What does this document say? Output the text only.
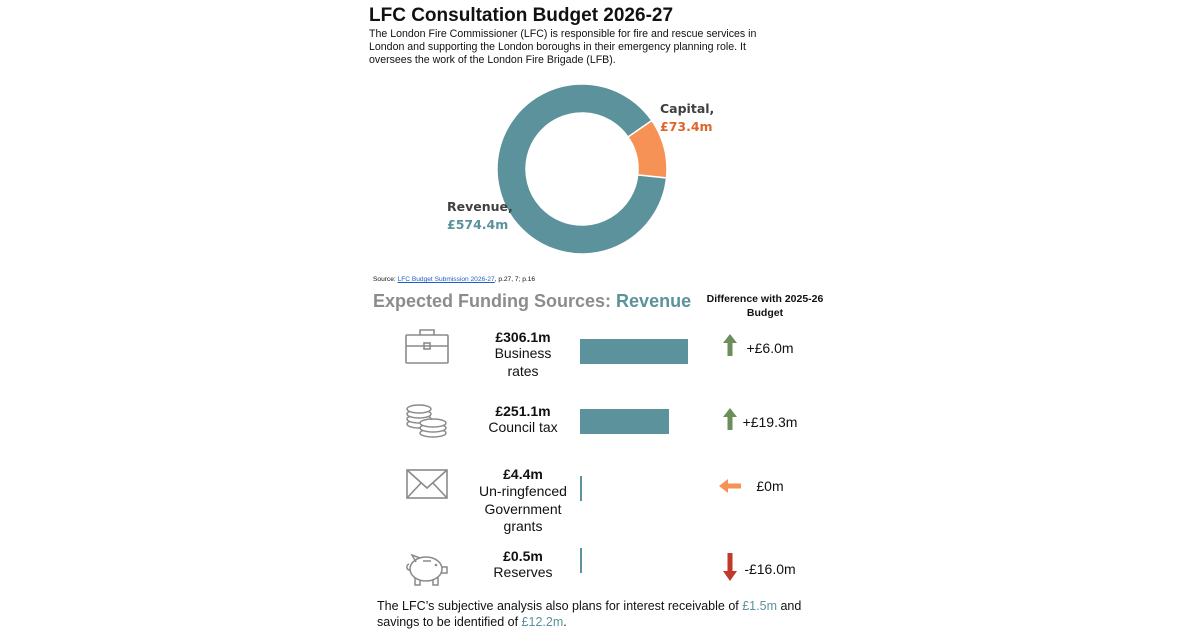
LFC Consultation Budget 2026-27
The London Fire Commissioner (LFC) is responsible for fire and rescue services in London and supporting the London boroughs in their emergency planning role. It oversees the work of the London Fire Brigade (LFB).
Capital,
£73.4m
Revenue,
£574.4m
Source: LFC Budget Submission 2026-27, p.27, 7; p.16
Expected Funding Sources: Revenue	Difference with 2025-26 Budget
£306.1m
£251.1m
£4.4m
£0.5m
Business
rates
Council tax
Un-ringfenced
Government
grants
Reserves
+£6.0m
+£19.3m
£0m
-£16.0m
The LFC’s subjective analysis also plans for interest receivable of £1.5m and savings to be identified of £12.2m.
